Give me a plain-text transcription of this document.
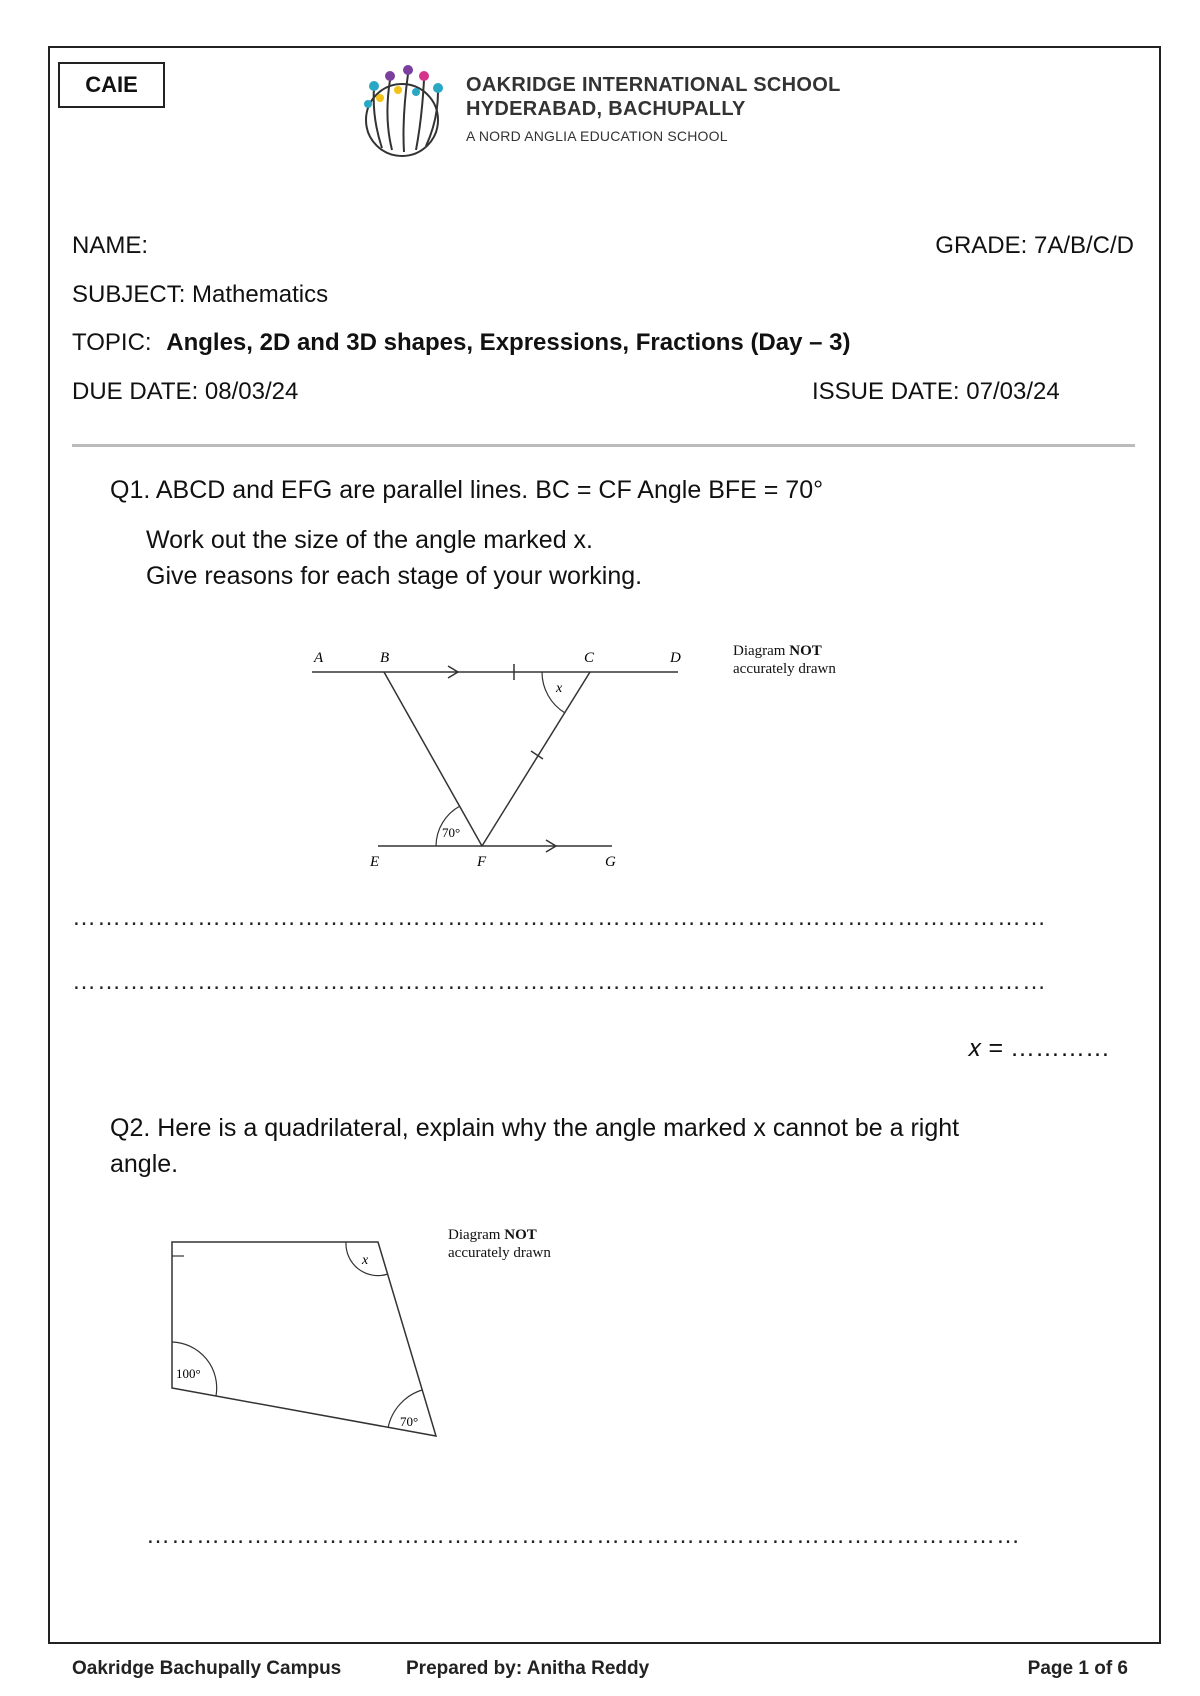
CAIE	OAKRIDGE INTERNATIONAL SCHOOL
HYDERABAD, BACHUPALLY
A NORD ANGLIA EDUCATION SCHOOL
NAME:	GRADE: 7A/B/C/D
SUBJECT: Mathematics
TOPIC: Angles, 2D and 3D shapes, Expressions, Fractions (Day – 3)
DUE DATE: 08/03/24	ISSUE DATE: 07/03/24
Q1. ABCD and EFG are parallel lines. BC = CF Angle BFE = 70°
Work out the size of the angle marked x.
Give reasons for each stage of your working.
A	B	C	D
E	F	G
x
70°
Diagram NOT
accurately drawn
………………………………………………………………………………………………………
………………………………………………………………………………………………………
𝑥 = …………
Q2. Here is a quadrilateral, explain why the angle marked x cannot be a right
angle.
x
100°
70°
Diagram NOT
accurately drawn
……………………………………………………………………………………………
Oakridge Bachupally Campus	Prepared by: Anitha Reddy	Page 1 of 6
